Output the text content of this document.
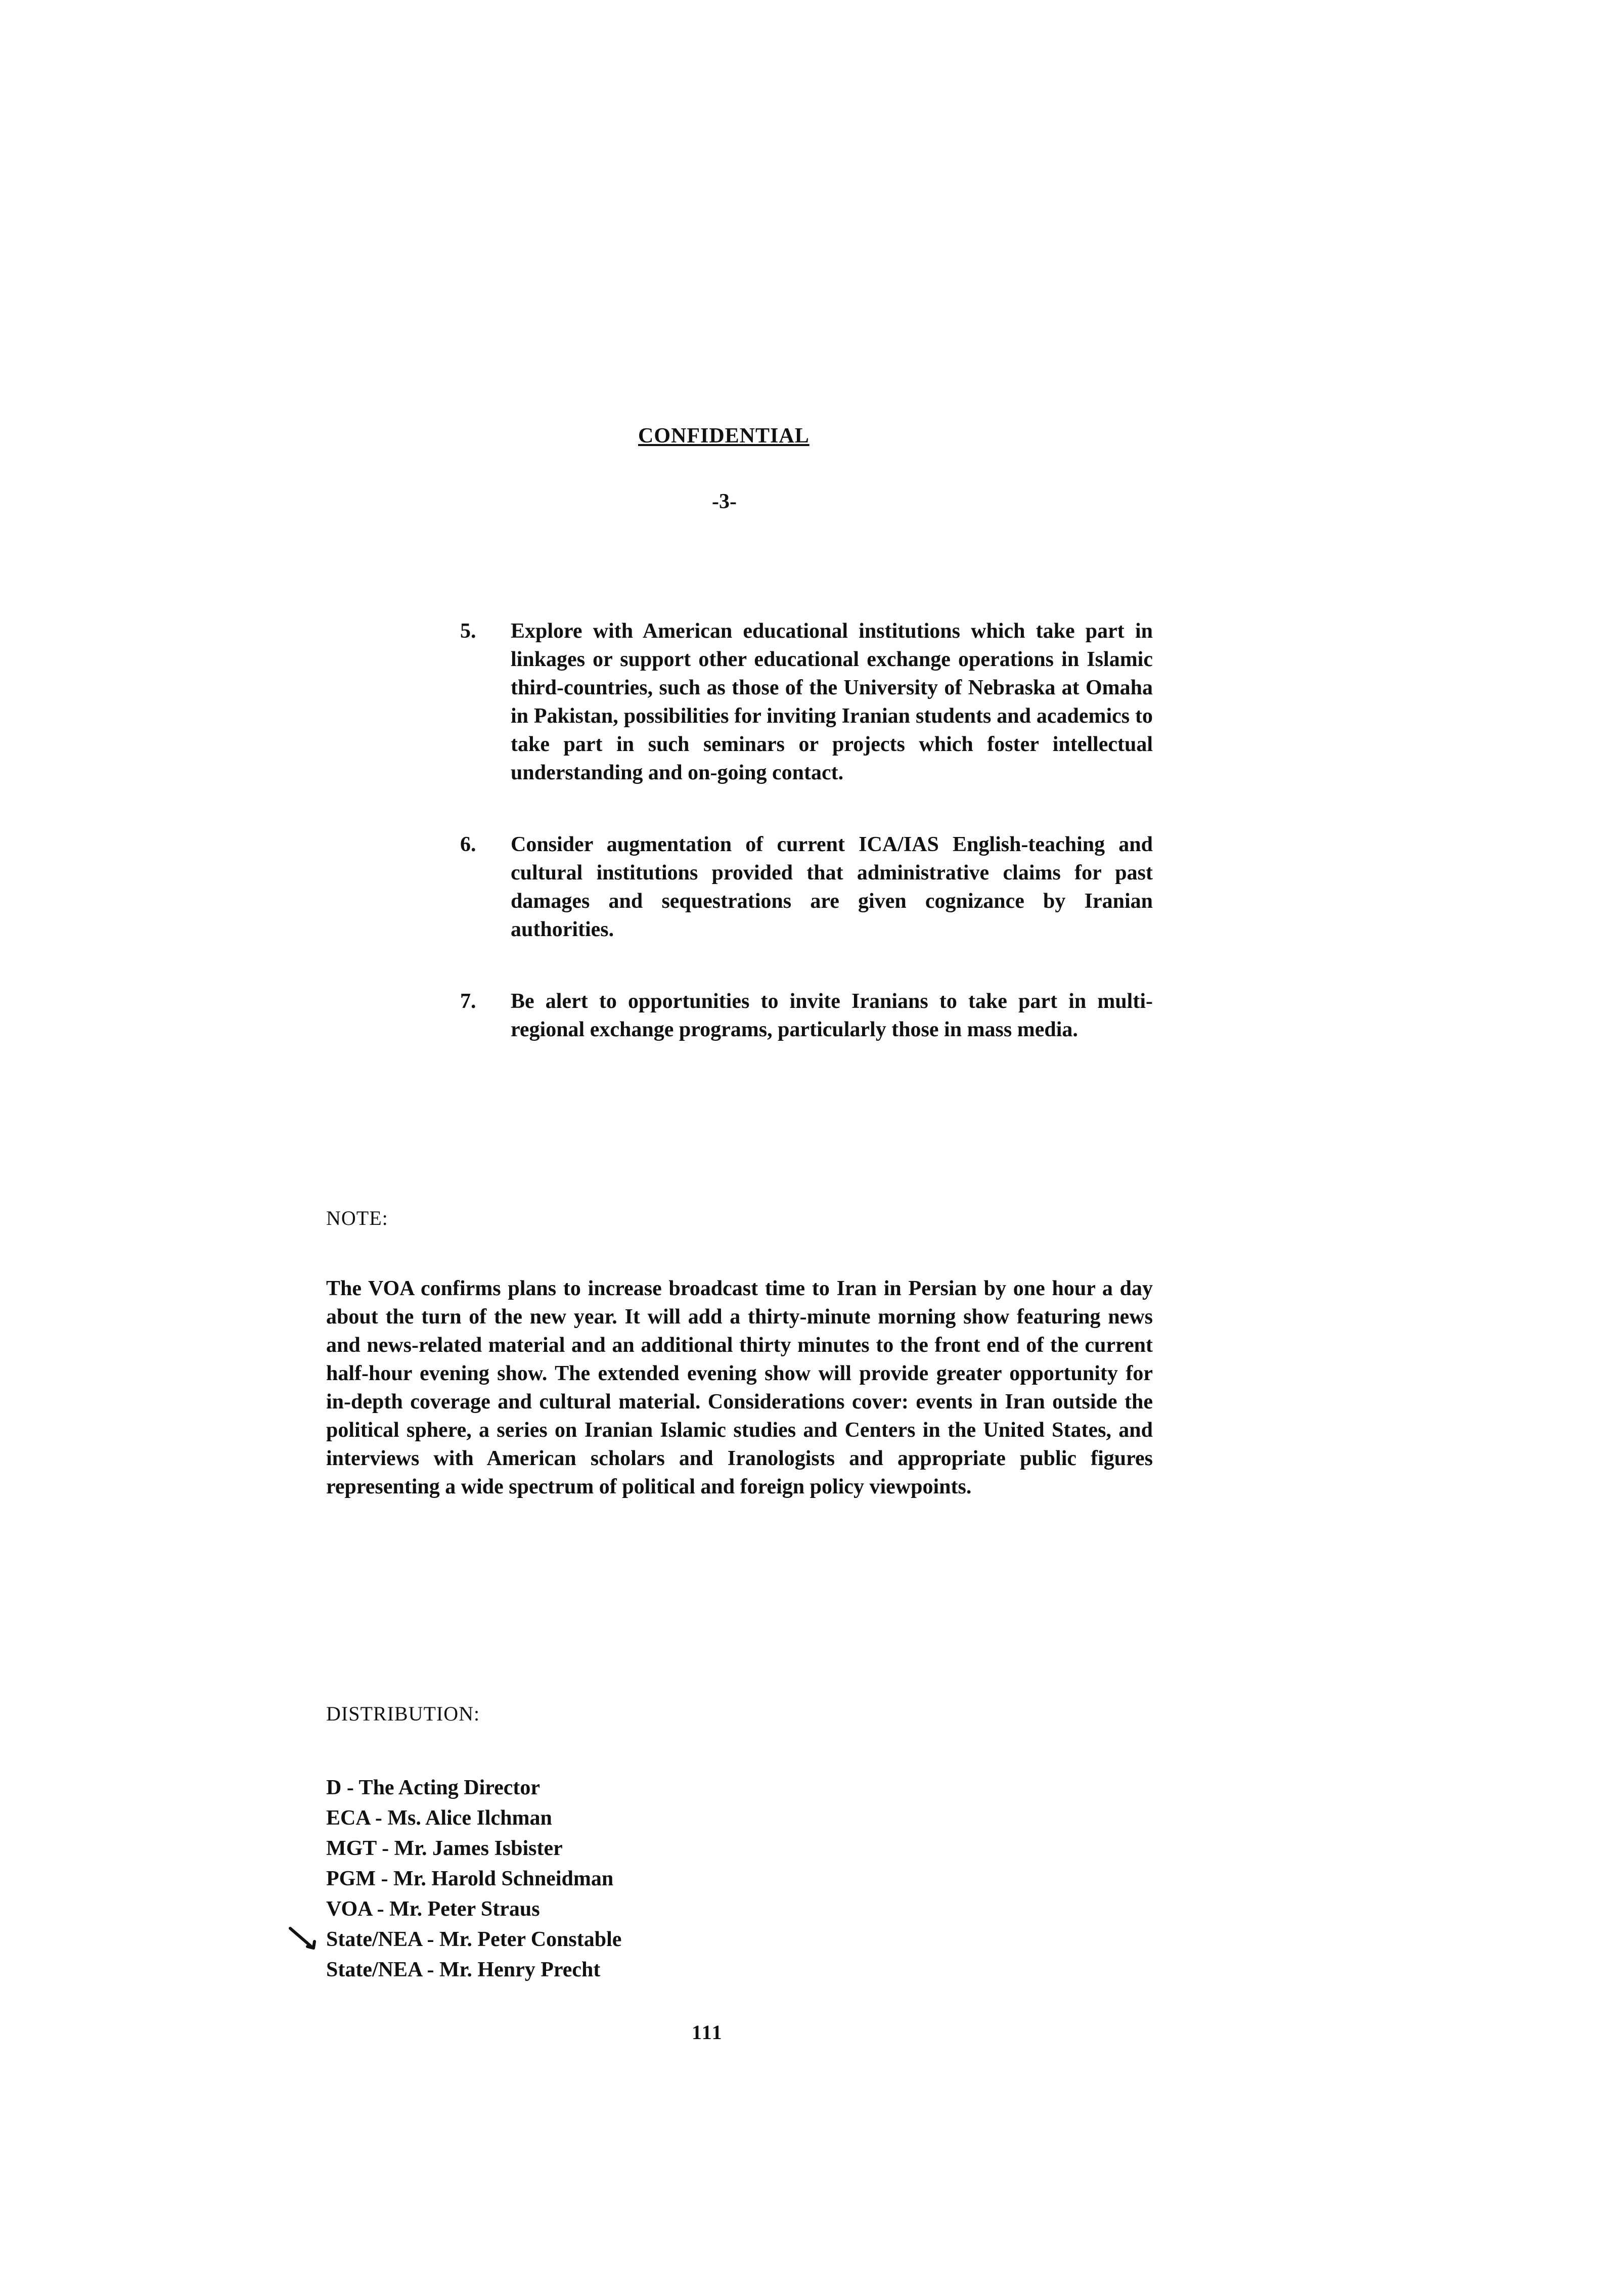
CONFIDENTIAL
-3-
5.	Explore with American educational institutions which take part in linkages or support other educational exchange operations in Islamic third-countries, such as those of the University of Nebraska at Omaha in Pakistan, possibilities for inviting Iranian students and academics to take part in such seminars or projects which foster intellectual understanding and on-going contact.
6.	Consider augmentation of current ICA/IAS English-teaching and cultural institutions provided that administrative claims for past damages and sequestrations are given cognizance by Iranian authorities.
7.	Be alert to opportunities to invite Iranians to take part in multi-regional exchange programs, particularly those in mass media.
NOTE:
The VOA confirms plans to increase broadcast time to Iran in Persian by one hour a day about the turn of the new year. It will add a thirty-minute morning show featuring news and news-related material and an additional thirty minutes to the front end of the current half-hour evening show. The extended evening show will provide greater opportunity for in-depth coverage and cultural material. Considerations cover: events in Iran outside the political sphere, a series on Iranian Islamic studies and Centers in the United States, and interviews with American scholars and Iranologists and appropriate public figures representing a wide spectrum of political and foreign policy viewpoints.
DISTRIBUTION:
D - The Acting Director
ECA - Ms. Alice Ilchman
MGT - Mr. James Isbister
PGM - Mr. Harold Schneidman
VOA - Mr. Peter Straus
State/NEA - Mr. Peter Constable
State/NEA - Mr. Henry Precht
111
